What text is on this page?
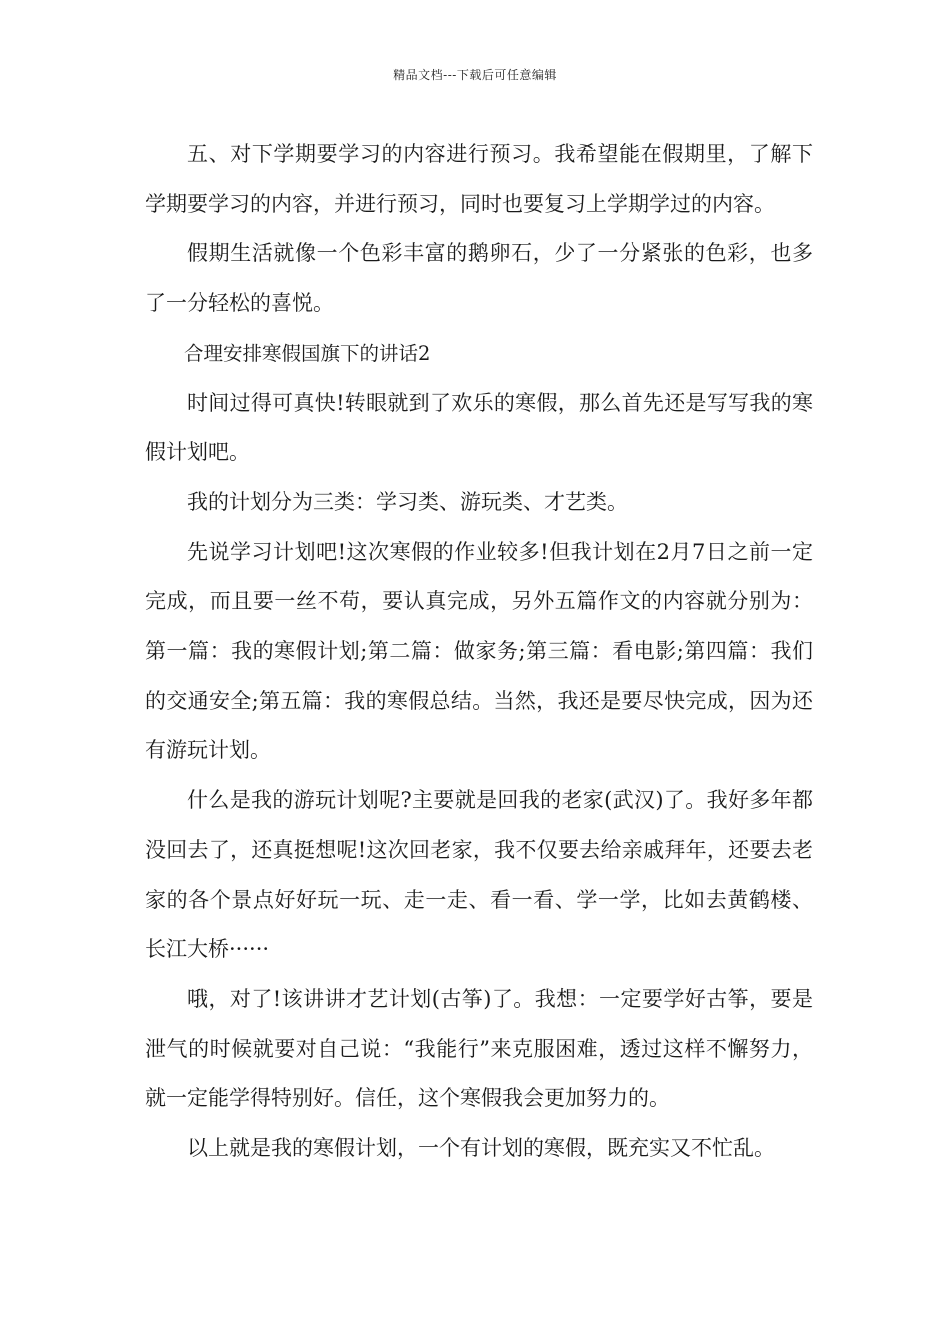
精品文档---下载后可任意编辑

五、对下学期要学习的内容进行预习。我希望能在假期里，了解下学期要学习的内容，并进行预习，同时也要复习上学期学过的内容。

假期生活就像一个色彩丰富的鹅卵石，少了一分紧张的色彩，也多了一分轻松的喜悦。

合理安排寒假国旗下的讲话2

时间过得可真快!转眼就到了欢乐的寒假，那么首先还是写写我的寒假计划吧。

我的计划分为三类：学习类、游玩类、才艺类。

先说学习计划吧!这次寒假的作业较多!但我计划在2月7日之前一定完成，而且要一丝不苟，要认真完成，另外五篇作文的内容就分别为：第一篇：我的寒假计划;第二篇：做家务;第三篇：看电影;第四篇：我们的交通安全;第五篇：我的寒假总结。当然，我还是要尽快完成，因为还有游玩计划。

什么是我的游玩计划呢?主要就是回我的老家(武汉)了。我好多年都没回去了，还真挺想呢!这次回老家，我不仅要去给亲戚拜年，还要去老家的各个景点好好玩一玩、走一走、看一看、学一学，比如去黄鹤楼、长江大桥······

哦，对了!该讲讲才艺计划(古筝)了。我想：一定要学好古筝，要是泄气的时候就要对自己说：“我能行”来克服困难，透过这样不懈努力，就一定能学得特别好。信任，这个寒假我会更加努力的。

以上就是我的寒假计划，一个有计划的寒假，既充实又不忙乱。
